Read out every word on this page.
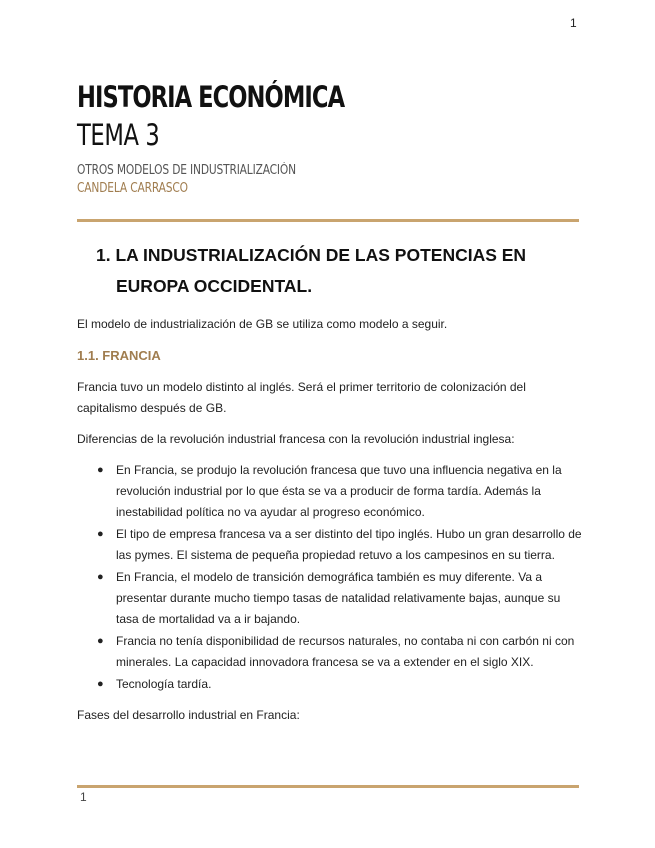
1
HISTORIA ECONÓMICA
TEMA 3
OTROS MODELOS DE INDUSTRIALIZACIÓN
CANDELA CARRASCO
1. LA INDUSTRIALIZACIÓN DE LAS POTENCIAS EN EUROPA OCCIDENTAL.

El modelo de industrialización de GB se utiliza como modelo a seguir.

1.1. FRANCIA

Francia tuvo un modelo distinto al inglés. Será el primer territorio de colonización del capitalismo después de GB.

Diferencias de la revolución industrial francesa con la revolución industrial inglesa:

● En Francia, se produjo la revolución francesa que tuvo una influencia negativa en la revolución industrial por lo que ésta se va a producir de forma tardía. Además la inestabilidad política no va ayudar al progreso económico.
● El tipo de empresa francesa va a ser distinto del tipo inglés. Hubo un gran desarrollo de las pymes. El sistema de pequeña propiedad retuvo a los campesinos en su tierra.
● En Francia, el modelo de transición demográfica también es muy diferente. Va a presentar durante mucho tiempo tasas de natalidad relativamente bajas, aunque su tasa de mortalidad va a ir bajando.
● Francia no tenía disponibilidad de recursos naturales, no contaba ni con carbón ni con minerales. La capacidad innovadora francesa se va a extender en el siglo XIX.
● Tecnología tardía.

Fases del desarrollo industrial en Francia:

1
